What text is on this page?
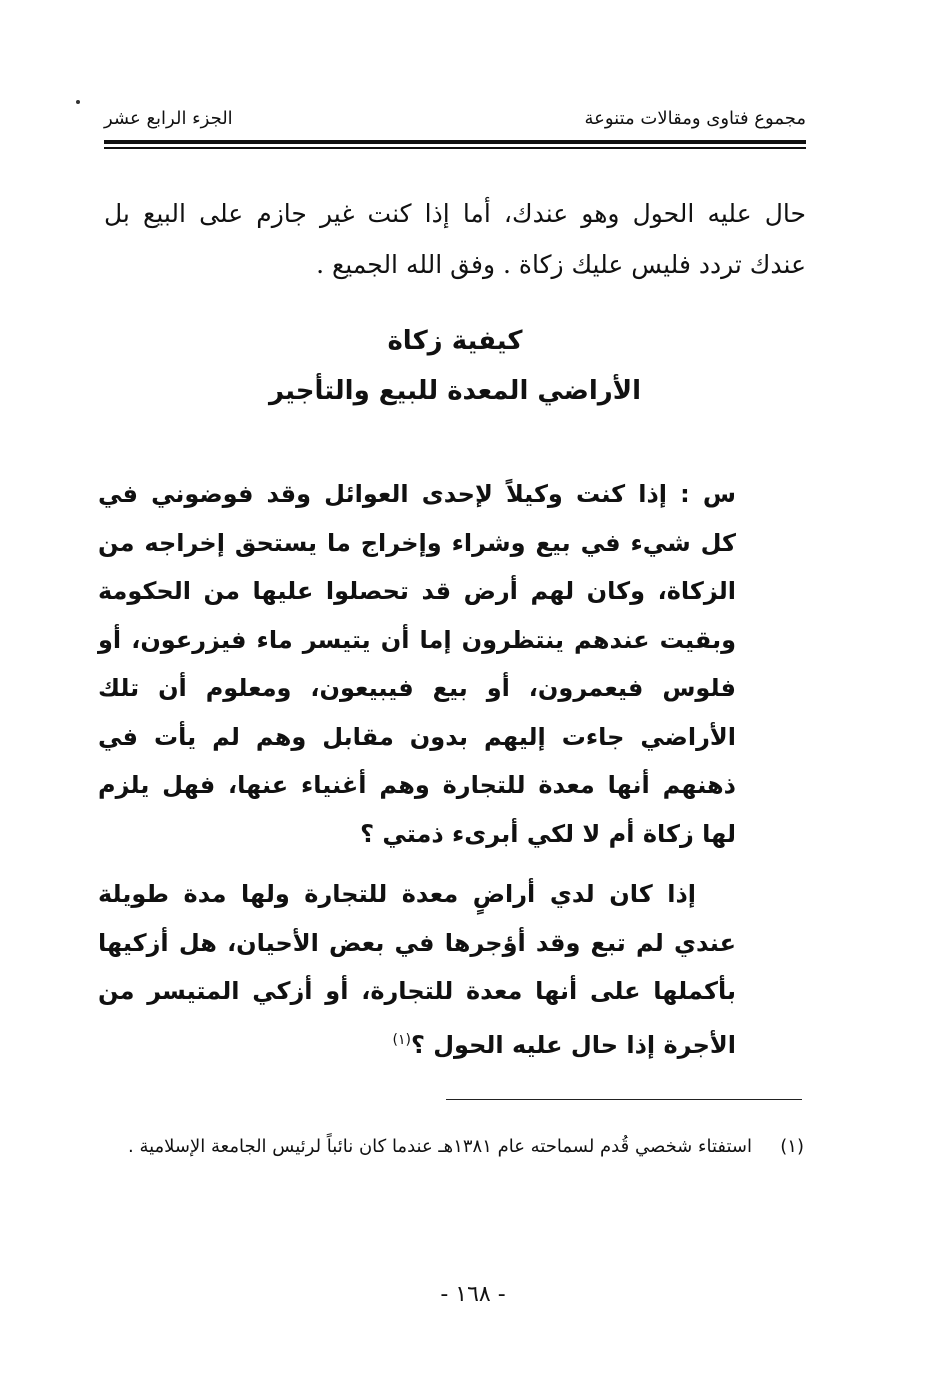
مجموع فتاوى ومقالات متنوعة
الجزء الرابع عشر
حال عليه الحول وهو عندك، أما إذا كنت غير جازم على البيع بل عندك تردد فليس عليك زكاة . وفق الله الجميع .
كيفية زكاة
الأراضي المعدة للبيع والتأجير
س : إذا كنت وكيلاً لإحدى العوائل وقد فوضوني في كل شيء في بيع وشراء وإخراج ما يستحق إخراجه من الزكاة، وكان لهم أرض قد تحصلوا عليها من الحكومة وبقيت عندهم ينتظرون إما أن يتيسر ماء فيزرعون، أو فلوس فيعمرون، أو بيع فيبيعون، ومعلوم أن تلك الأراضي جاءت إليهم بدون مقابل وهم لم يأت في ذهنهم أنها معدة للتجارة وهم أغنياء عنها، فهل يلزم لها زكاة أم لا لكي أبرىء ذمتي ؟
إذا كان لدي أراضٍ معدة للتجارة ولها مدة طويلة عندي لم تبع وقد أؤجرها في بعض الأحيان، هل أزكيها بأكملها على أنها معدة للتجارة، أو أزكي المتيسر من الأجرة إذا حال عليه الحول ؟$^{(١)}$
(١)
استفتاء شخصي قُدم لسماحته عام ١٣٨١هـ عندما كان نائباً لرئيس الجامعة الإسلامية .
- ١٦٨ -
